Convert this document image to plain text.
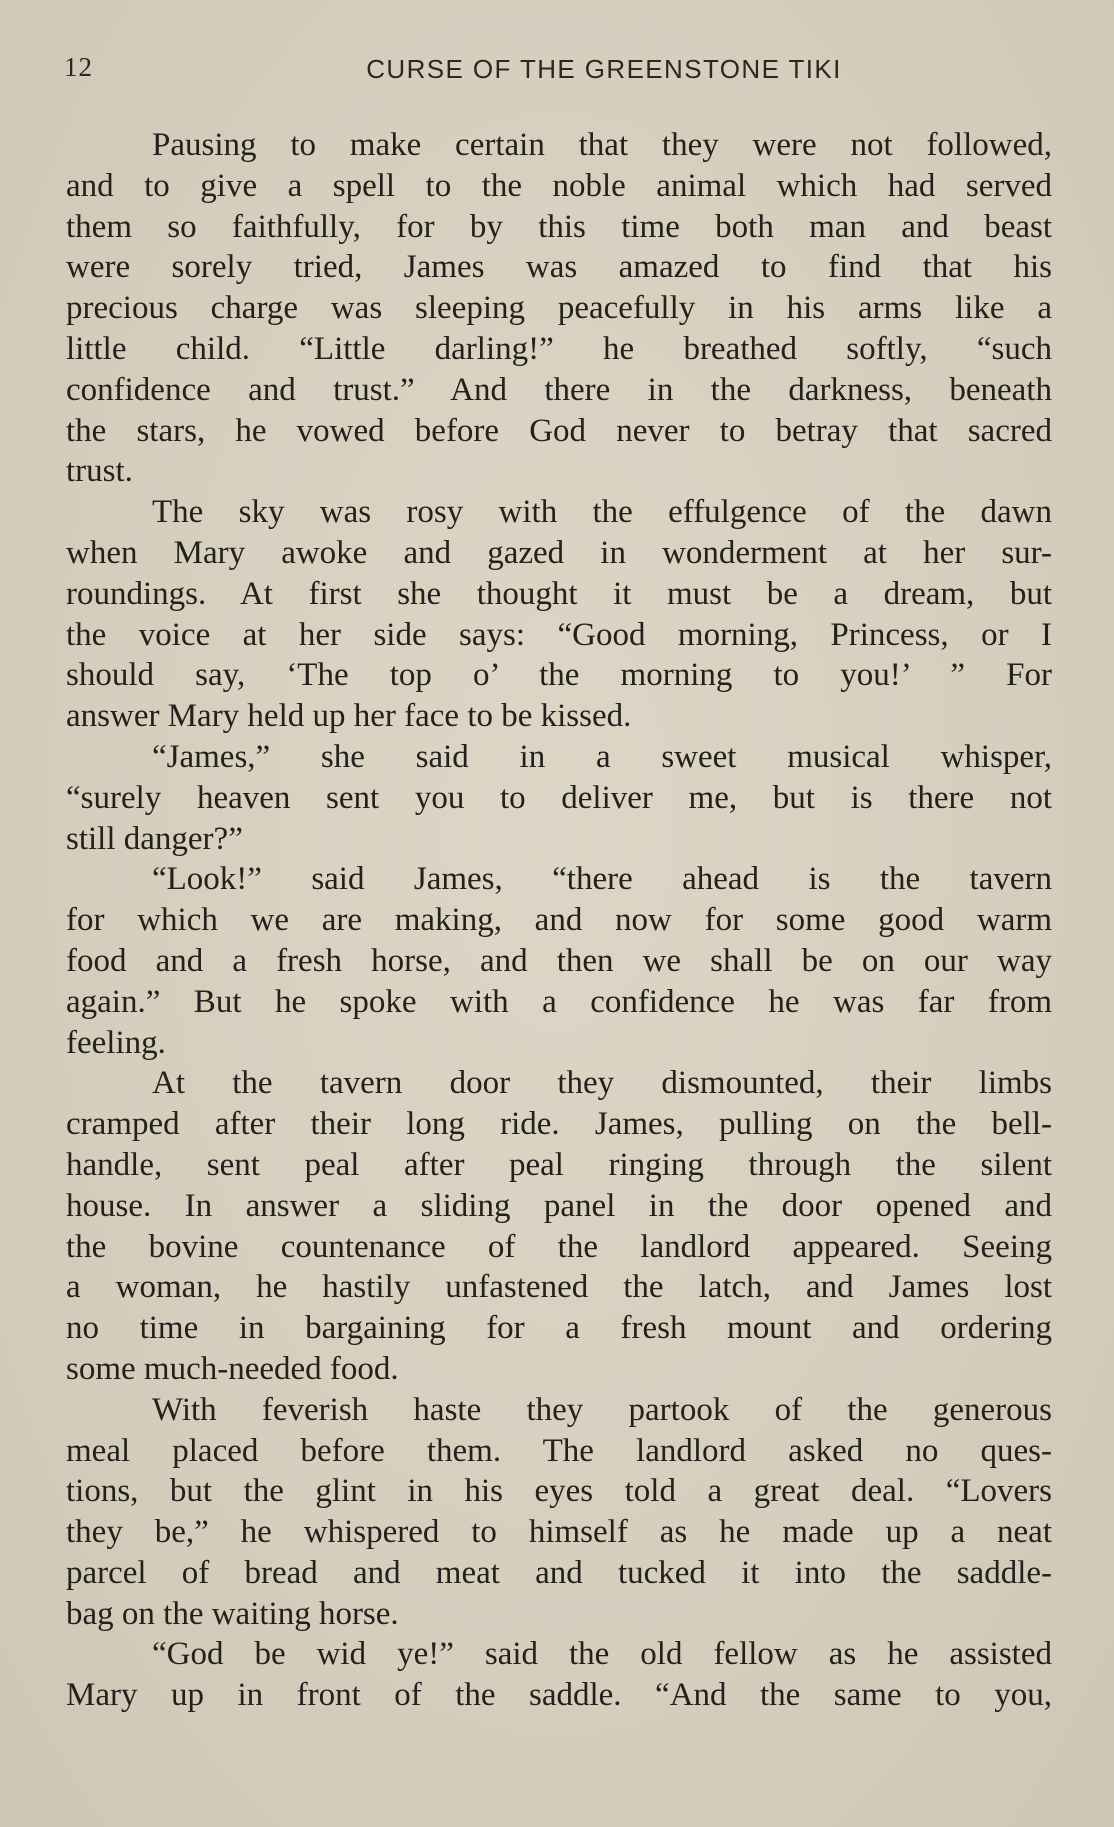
12	CURSE OF THE GREENSTONE TIKI

Pausing to make certain that they were not followed,
and to give a spell to the noble animal which had served
them so faithfully, for by this time both man and beast
were sorely tried, James was amazed to find that his
precious charge was sleeping peacefully in his arms like a
little child. “Little darling!” he breathed softly, “such
confidence and trust.” And there in the darkness, beneath
the stars, he vowed before God never to betray that sacred
trust.

The sky was rosy with the effulgence of the dawn
when Mary awoke and gazed in wonderment at her sur-
roundings. At first she thought it must be a dream, but
the voice at her side says: “Good morning, Princess, or I
should say, ‘The top o’ the morning to you!’ ” For
answer Mary held up her face to be kissed.

“James,” she said in a sweet musical whisper,
“surely heaven sent you to deliver me, but is there not
still danger?”

“Look!” said James, “there ahead is the tavern
for which we are making, and now for some good warm
food and a fresh horse, and then we shall be on our way
again.” But he spoke with a confidence he was far from
feeling.

At the tavern door they dismounted, their limbs
cramped after their long ride. James, pulling on the bell-
handle, sent peal after peal ringing through the silent
house. In answer a sliding panel in the door opened and
the bovine countenance of the landlord appeared. Seeing
a woman, he hastily unfastened the latch, and James lost
no time in bargaining for a fresh mount and ordering
some much-needed food.

With feverish haste they partook of the generous
meal placed before them. The landlord asked no ques-
tions, but the glint in his eyes told a great deal. “Lovers
they be,” he whispered to himself as he made up a neat
parcel of bread and meat and tucked it into the saddle-
bag on the waiting horse.

“God be wid ye!” said the old fellow as he assisted
Mary up in front of the saddle. “And the same to you,
